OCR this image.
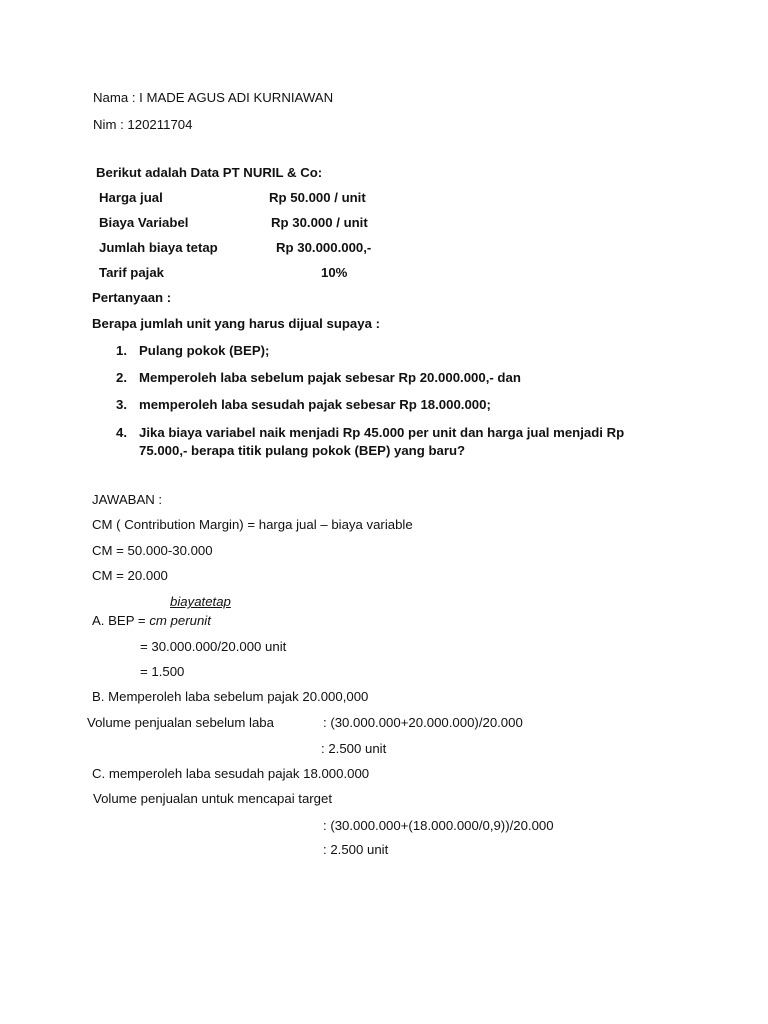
Nama : I MADE AGUS ADI KURNIAWAN
Nim : 120211704
Berikut adalah Data PT NURIL & Co:
Harga jual	Rp 50.000 / unit
Biaya Variabel	Rp 30.000 / unit
Jumlah biaya tetap	Rp 30.000.000,-
Tarif pajak	10%
Pertanyaan :
Berapa jumlah unit yang harus dijual supaya :
1. Pulang pokok (BEP);
2. Memperoleh laba sebelum pajak sebesar Rp 20.000.000,- dan
3. memperoleh laba sesudah pajak sebesar Rp 18.000.000;
4. Jika biaya variabel naik menjadi Rp 45.000 per unit dan harga jual menjadi Rp
75.000,- berapa titik pulang pokok (BEP) yang baru?
JAWABAN :
CM ( Contribution Margin) = harga jual – biaya variable
CM = 50.000-30.000
CM = 20.000
biayatetap
A. BEP = cm perunit
= 30.000.000/20.000 unit
= 1.500
B. Memperoleh laba sebelum pajak 20.000,000
Volume penjualan sebelum laba	: (30.000.000+20.000.000)/20.000
: 2.500 unit
C. memperoleh laba sesudah pajak 18.000.000
Volume penjualan untuk mencapai target
: (30.000.000+(18.000.000/0,9))/20.000
: 2.500 unit
